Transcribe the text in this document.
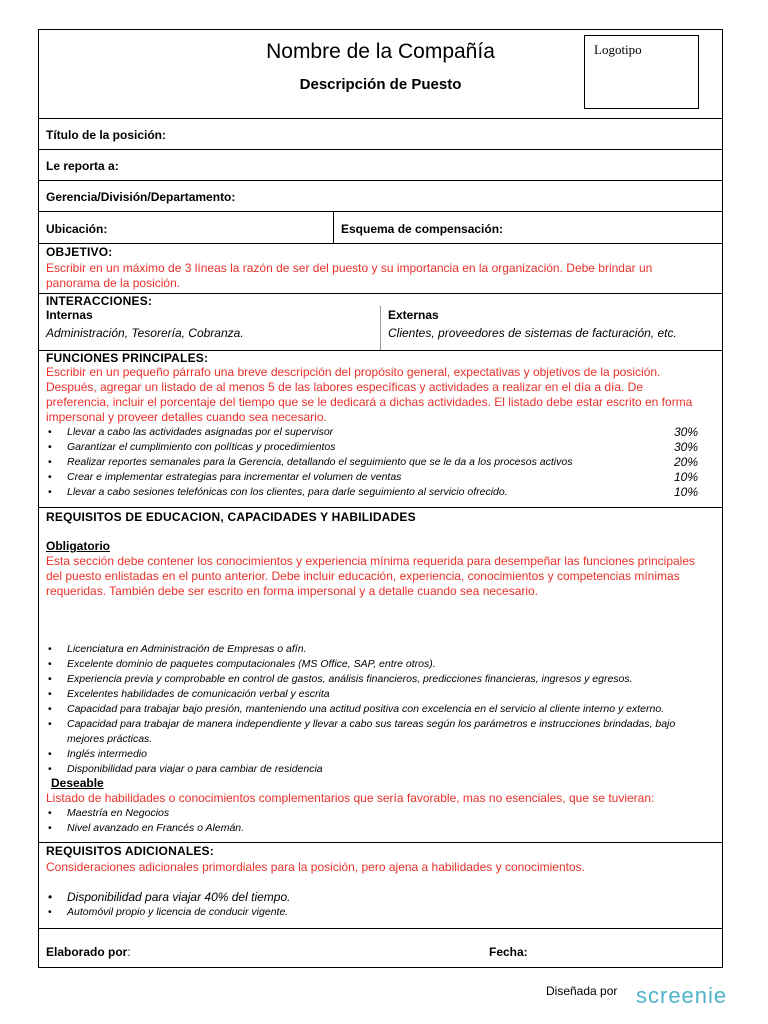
Nombre de la Compañía
Descripción de Puesto
Logotipo
Título de la posición:
Le reporta a:
Gerencia/División/Departamento:
Ubicación:	Esquema de compensación:
OBJETIVO:
Escribir en un máximo de 3 líneas la razón de ser del puesto y su importancia en la organización. Debe brindar un panorama de la posición.
INTERACCIONES:
Internas
Administración, Tesorería, Cobranza.
Externas
Clientes, proveedores de sistemas de facturación, etc.
FUNCIONES PRINCIPALES:
Escribir en un pequeño párrafo una breve descripción del propósito general, expectativas y objetivos de la posición. Después, agregar un listado de al menos 5 de las labores específicas y actividades a realizar en el día a día. De preferencia, incluir el porcentaje del tiempo que se le dedicará a dichas actividades. El listado debe estar escrito en forma impersonal y proveer detalles cuando sea necesario.
• Llevar a cabo las actividades asignadas por el supervisor	30%
• Garantizar el cumplimiento con políticas y procedimientos	30%
• Realizar reportes semanales para la Gerencia, detallando el seguimiento que se le da a los procesos activos	20%
• Crear e implementar estrategias para incrementar el volumen de ventas	10%
• Llevar a cabo sesiones telefónicas con los clientes, para darle seguimiento al servicio ofrecido.	10%
REQUISITOS DE EDUCACION, CAPACIDADES Y HABILIDADES
Obligatorio
Esta sección debe contener los conocimientos y experiencia mínima requerida para desempeñar las funciones principales del puesto enlistadas en el punto anterior. Debe incluir educación, experiencia, conocimientos y competencias mínimas requeridas. También debe ser escrito en forma impersonal y a detalle cuando sea necesario.
• Licenciatura en Administración de Empresas o afín.
• Excelente dominio de paquetes computacionales (MS Office, SAP, entre otros).
• Experiencia previa y comprobable en control de gastos, análisis financieros, predicciones financieras, ingresos y egresos.
• Excelentes habilidades de comunicación verbal y escrita
• Capacidad para trabajar bajo presión, manteniendo una actitud positiva con excelencia en el servicio al cliente interno y externo.
• Capacidad para trabajar de manera independiente y llevar a cabo sus tareas según los parámetros e instrucciones brindadas, bajo mejores prácticas.
• Inglés intermedio
• Disponibilidad para viajar o para cambiar de residencia
Deseable
Listado de habilidades o conocimientos complementarios que sería favorable, mas no esenciales, que se tuvieran:
• Maestría en Negocios
• Nivel avanzado en Francés o Alemán.
REQUISITOS ADICIONALES:
Consideraciones adicionales primordiales para la posición, pero ajena a habilidades y conocimientos.
• Disponibilidad para viajar 40% del tiempo.
• Automóvil propio y licencia de conducir vigente.
Elaborado por:	Fecha:
Diseñada por screenie
